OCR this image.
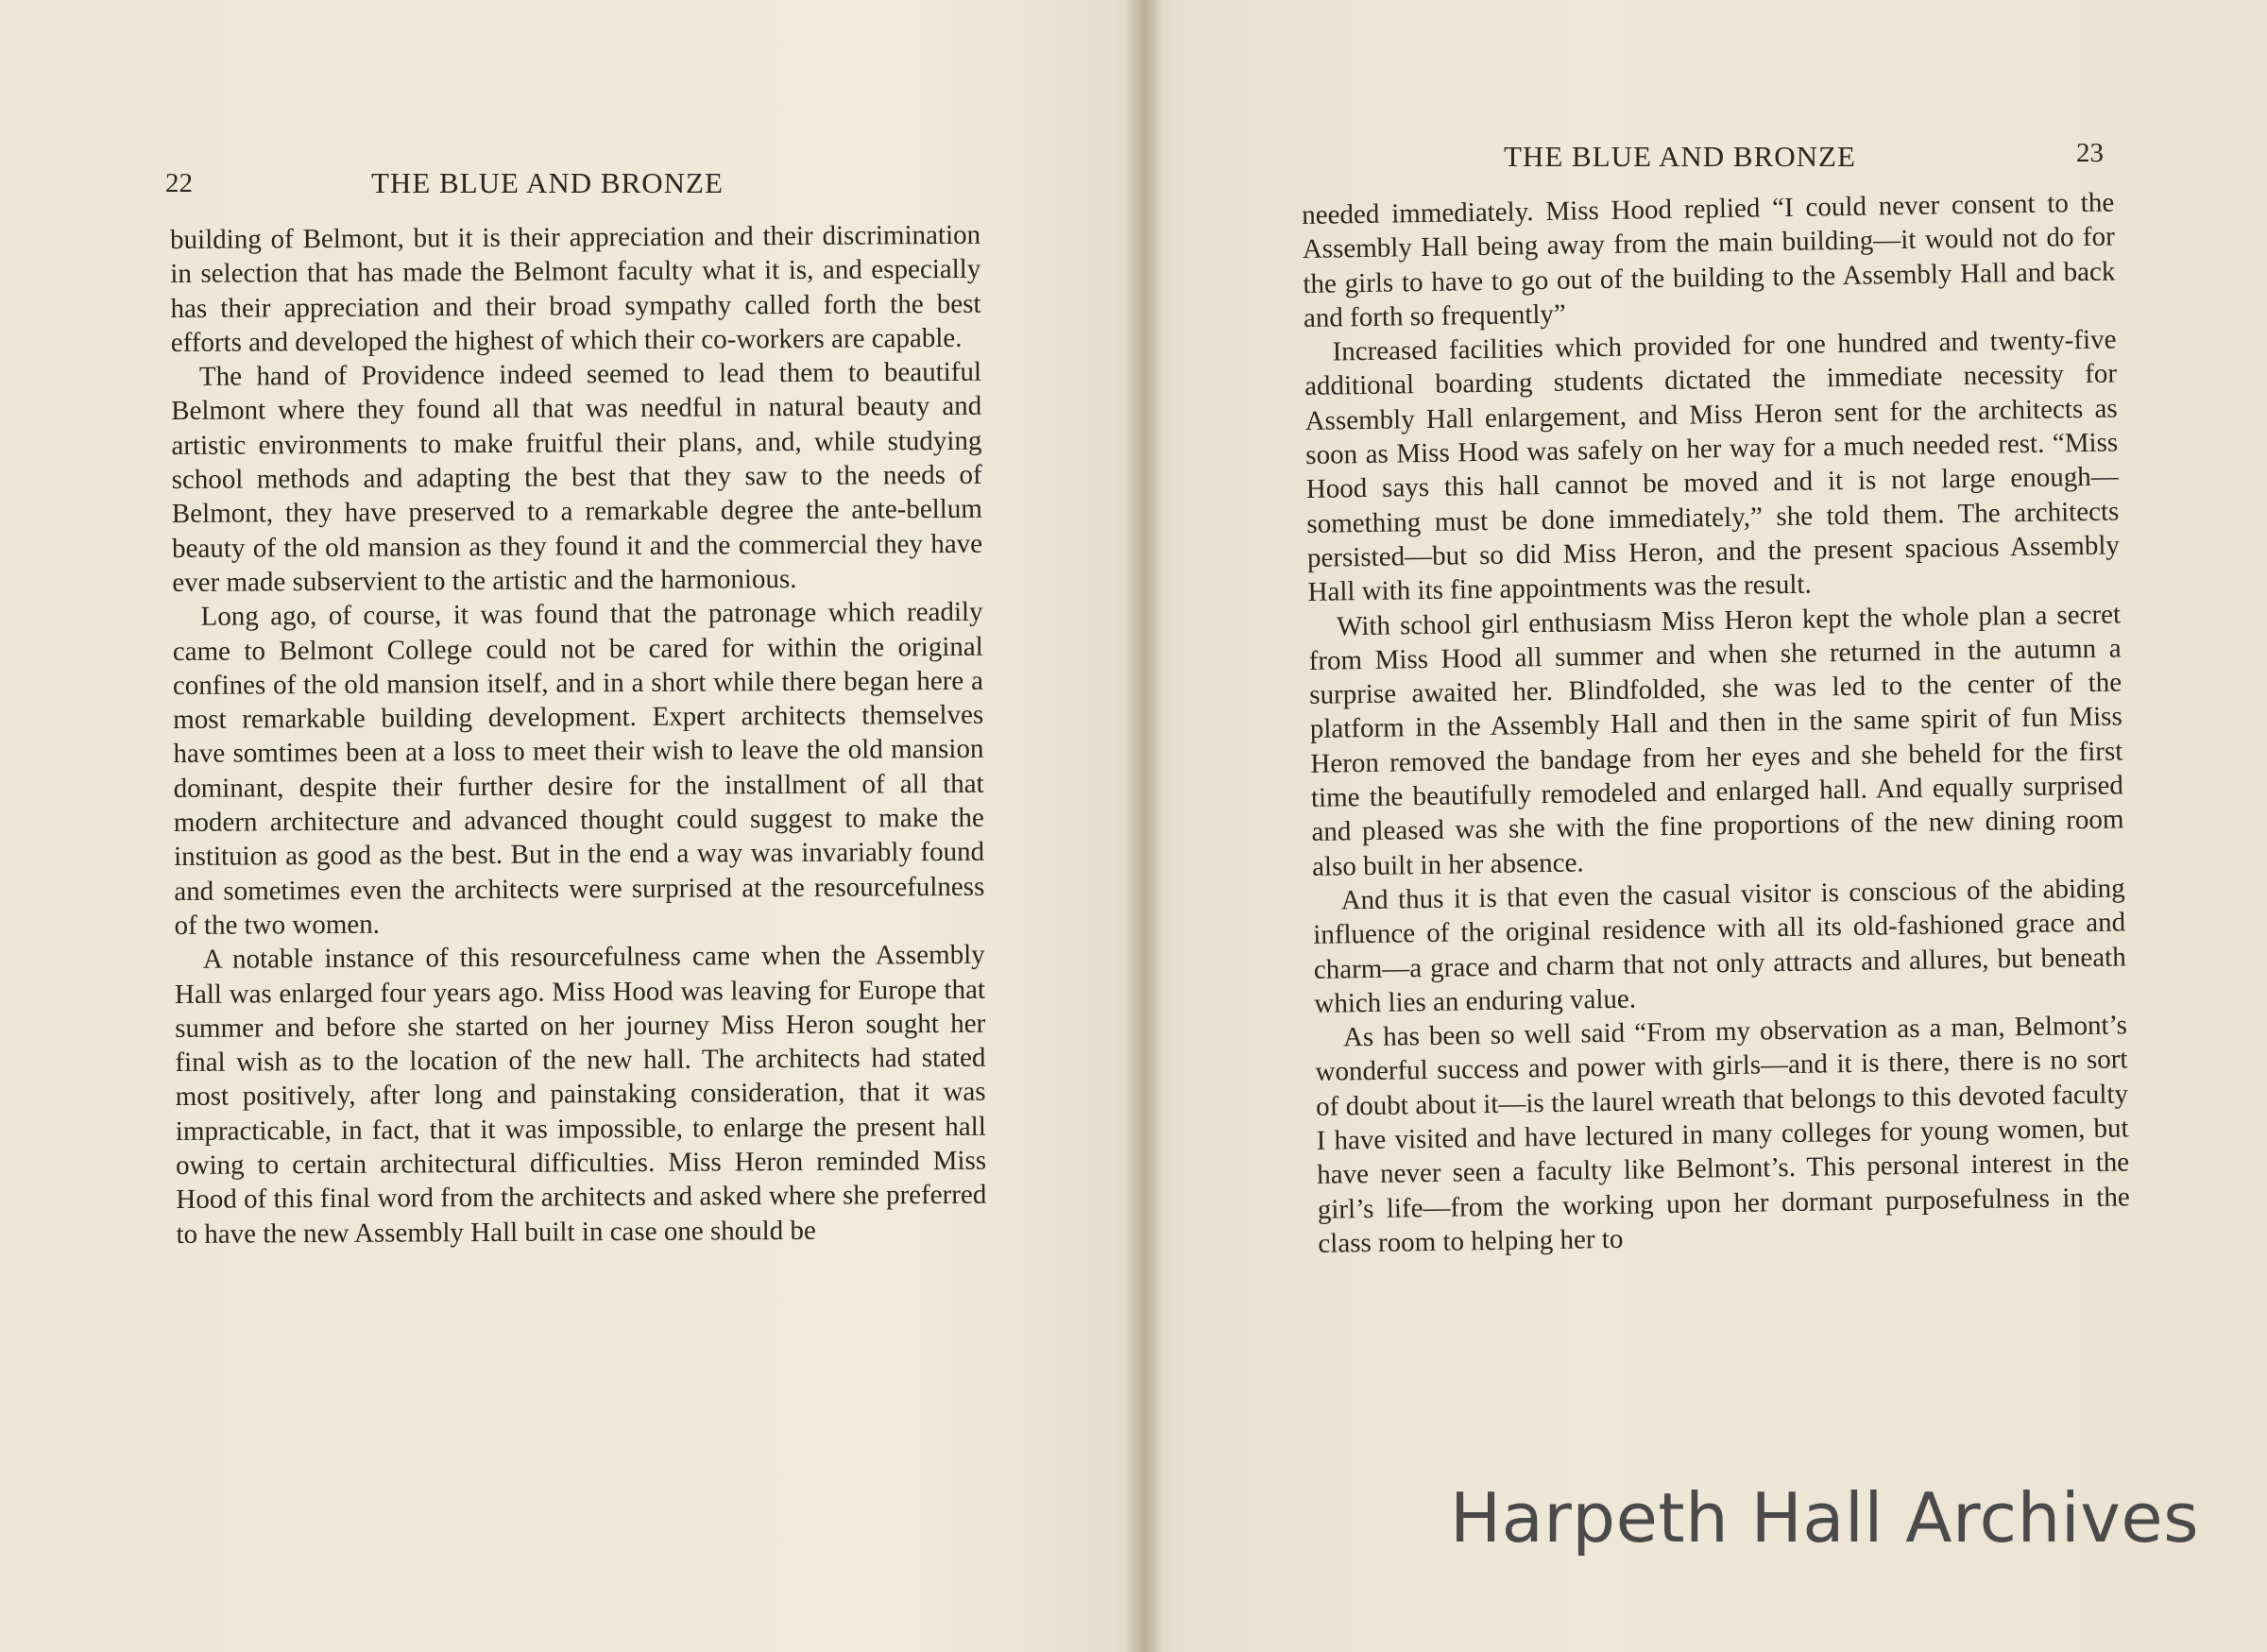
22	THE BLUE AND BRONZE

building of Belmont, but it is their appreciation and their discrimination in selection that has made the Belmont faculty what it is, and especially has their appreciation and their broad sympathy called forth the best efforts and developed the highest of which their co-workers are capable.

The hand of Providence indeed seemed to lead them to beautiful Belmont where they found all that was needful in natural beauty and artistic environments to make fruitful their plans, and, while studying school methods and adapting the best that they saw to the needs of Belmont, they have preserved to a remarkable degree the ante-bellum beauty of the old mansion as they found it and the commercial they have ever made subservient to the artistic and the harmonious.

Long ago, of course, it was found that the patronage which readily came to Belmont College could not be cared for within the original confines of the old mansion itself, and in a short while there began here a most remarkable building development. Expert architects themselves have somtimes been at a loss to meet their wish to leave the old mansion dominant, despite their further desire for the installment of all that modern architecture and advanced thought could suggest to make the instituion as good as the best. But in the end a way was invariably found and sometimes even the architects were surprised at the resourcefulness of the two women.

A notable instance of this resourcefulness came when the Assembly Hall was enlarged four years ago. Miss Hood was leaving for Europe that summer and before she started on her journey Miss Heron sought her final wish as to the location of the new hall. The architects had stated most positively, after long and painstaking consideration, that it was impracticable, in fact, that it was impossible, to enlarge the present hall owing to certain architectural difficulties. Miss Heron reminded Miss Hood of this final word from the architects and asked where she preferred to have the new Assembly Hall built in case one should be

THE BLUE AND BRONZE	23

needed immediately. Miss Hood replied “I could never consent to the Assembly Hall being away from the main building—it would not do for the girls to have to go out of the building to the Assembly Hall and back and forth so frequently”

Increased facilities which provided for one hundred and twenty-five additional boarding students dictated the immediate necessity for Assembly Hall enlargement, and Miss Heron sent for the architects as soon as Miss Hood was safely on her way for a much needed rest. “Miss Hood says this hall cannot be moved and it is not large enough—something must be done immediately,” she told them. The architects persisted—but so did Miss Heron, and the present spacious Assembly Hall with its fine appointments was the result.

With school girl enthusiasm Miss Heron kept the whole plan a secret from Miss Hood all summer and when she returned in the autumn a surprise awaited her. Blindfolded, she was led to the center of the platform in the Assembly Hall and then in the same spirit of fun Miss Heron removed the bandage from her eyes and she beheld for the first time the beautifully remodeled and enlarged hall. And equally surprised and pleased was she with the fine proportions of the new dining room also built in her absence.

And thus it is that even the casual visitor is conscious of the abiding influence of the original residence with all its old-fashioned grace and charm—a grace and charm that not only attracts and allures, but beneath which lies an enduring value.

As has been so well said “From my observation as a man, Belmont’s wonderful success and power with girls—and it is there, there is no sort of doubt about it—is the laurel wreath that belongs to this devoted faculty I have visited and have lectured in many colleges for young women, but have never seen a faculty like Belmont’s. This personal interest in the girl’s life—from the working upon her dormant purposefulness in the class room to helping her to

Harpeth Hall Archives
